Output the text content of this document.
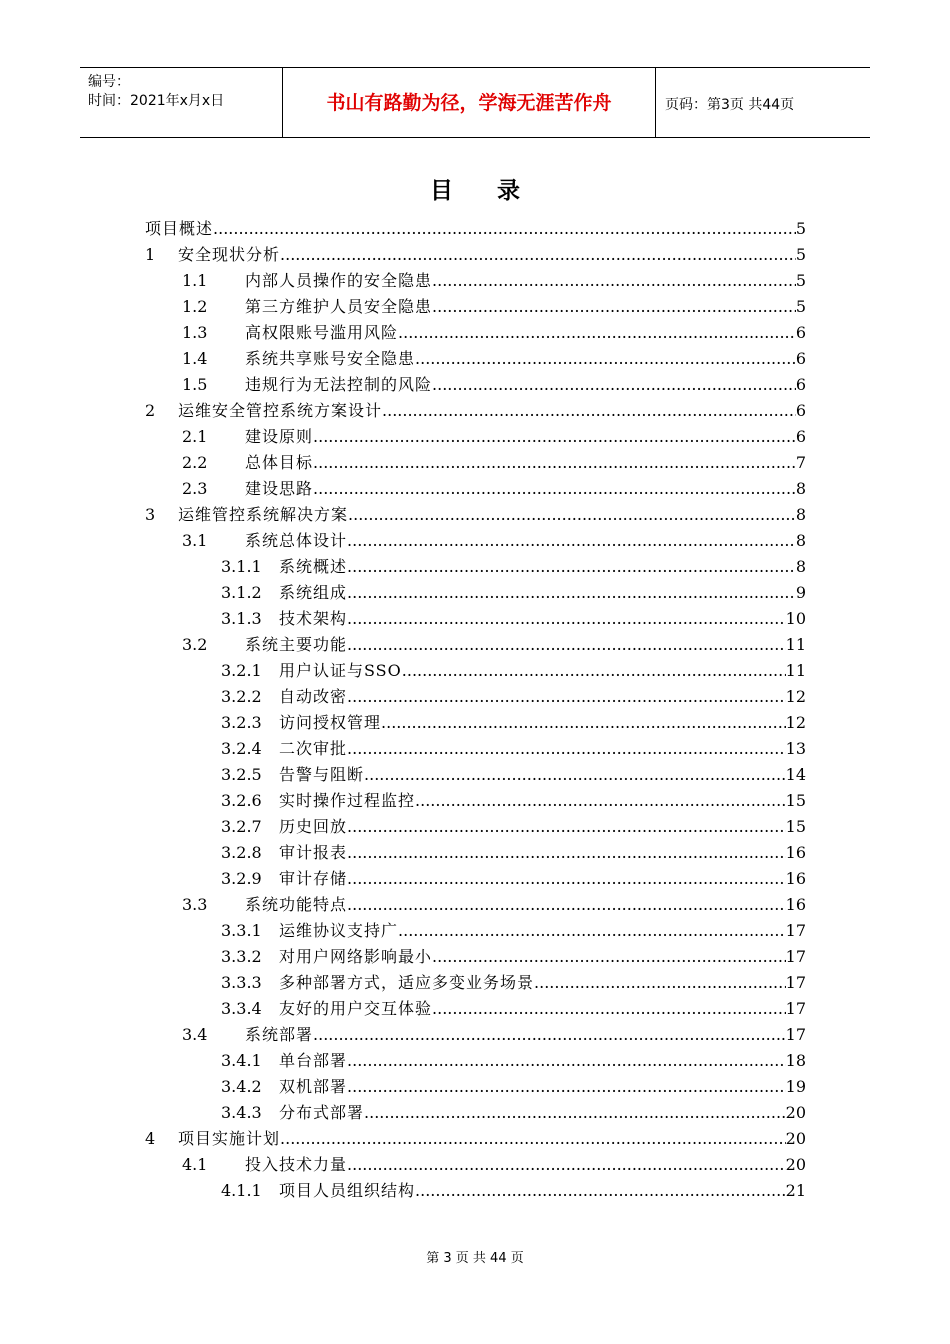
编号：
时间：2021年x月x日	书山有路勤为径，学海无涯苦作舟	页码：第3页 共44页
目录
项目概述 .....	5
1 安全现状分析 .....	5
1.1 内部人员操作的安全隐患 .....	5
1.2 第三方维护人员安全隐患 .....	5
1.3 高权限账号滥用风险 .....	6
1.4 系统共享账号安全隐患 .....	6
1.5 违规行为无法控制的风险 .....	6
2 运维安全管控系统方案设计 .....	6
2.1 建设原则 .....	6
2.2 总体目标 .....	7
2.3 建设思路 .....	8
3 运维管控系统解决方案 .....	8
3.1 系统总体设计 .....	8
3.1.1 系统概述 .....	8
3.1.2 系统组成 .....	9
3.1.3 技术架构 .....	10
3.2 系统主要功能 .....	11
3.2.1 用户认证与SSO .....	11
3.2.2 自动改密 .....	12
3.2.3 访问授权管理 .....	12
3.2.4 二次审批 .....	13
3.2.5 告警与阻断 .....	14
3.2.6 实时操作过程监控 .....	15
3.2.7 历史回放 .....	15
3.2.8 审计报表 .....	16
3.2.9 审计存储 .....	16
3.3 系统功能特点 .....	16
3.3.1 运维协议支持广 .....	17
3.3.2 对用户网络影响最小 .....	17
3.3.3 多种部署方式，适应多变业务场景 .....	17
3.3.4 友好的用户交互体验 .....	17
3.4 系统部署 .....	17
3.4.1 单台部署 .....	18
3.4.2 双机部署 .....	19
3.4.3 分布式部署 .....	20
4 项目实施计划 .....	20
4.1 投入技术力量 .....	20
4.1.1 项目人员组织结构 .....	21
第 3 页 共 44 页
